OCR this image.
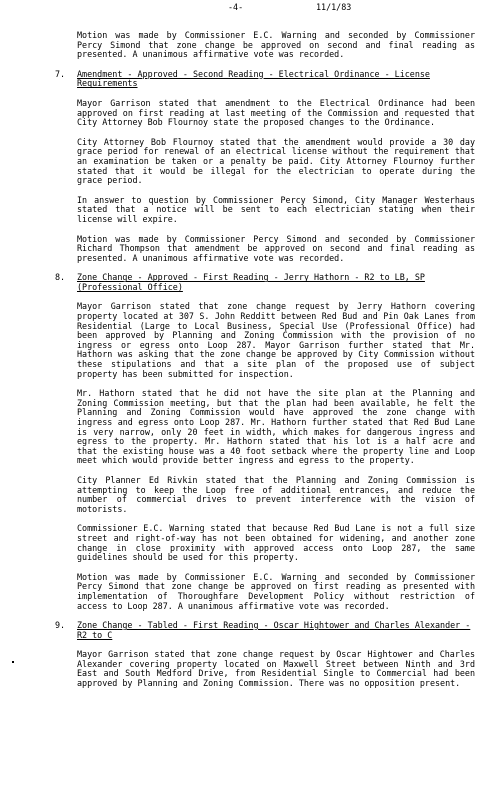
-4-	11/1/83

Motion was made by Commissioner E.C. Warning and seconded by Commissioner Percy Simond that zone change be approved on second and final reading as presented. A unanimous affirmative vote was recorded.

7. Amendment - Approved - Second Reading - Electrical Ordinance - License Requirements

Mayor Garrison stated that amendment to the Electrical Ordinance had been approved on first reading at last meeting of the Commission and requested that City Attorney Bob Flournoy state the proposed changes to the Ordinance.

City Attorney Bob Flournoy stated that the amendment would provide a 30 day grace period for renewal of an electrical license without the requirement that an examination be taken or a penalty be paid. City Attorney Flournoy further stated that it would be illegal for the electrician to operate during the grace period.

In answer to question by Commissioner Percy Simond, City Manager Westerhaus stated that a notice will be sent to each electrician stating when their license will expire.

Motion was made by Commissioner Percy Simond and seconded by Commissioner Richard Thompson that amendment be approved on second and final reading as presented. A unanimous affirmative vote was recorded.

8. Zone Change - Approved - First Reading - Jerry Hathorn - R2 to LB, SP (Professional Office)

Mayor Garrison stated that zone change request by Jerry Hathorn covering property located at 307 S. John Redditt between Red Bud and Pin Oak Lanes from Residential (Large to Local Business, Special Use (Professional Office) had been approved by Planning and Zoning Commission with the provision of no ingress or egress onto Loop 287. Mayor Garrison further stated that Mr. Hathorn was asking that the zone change be approved by City Commission without these stipulations and that a site plan of the proposed use of subject property has been submitted for inspection.

Mr. Hathorn stated that he did not have the site plan at the Planning and Zoning Commission meeting, but that the plan had been available, he felt the Planning and Zoning Commission would have approved the zone change with ingress and egress onto Loop 287. Mr. Hathorn further stated that Red Bud Lane is very narrow, only 20 feet in width, which makes for dangerous ingress and egress to the property. Mr. Hathorn stated that his lot is a half acre and that the existing house was a 40 foot setback where the property line and Loop meet which would provide better ingress and egress to the property.

City Planner Ed Rivkin stated that the Planning and Zoning Commission is attempting to keep the Loop free of additional entrances, and reduce the number of commercial drives to prevent interference with the vision of motorists.

Commissioner E.C. Warning stated that because Red Bud Lane is not a full size street and right-of-way has not been obtained for widening, and another zone change in close proximity with approved access onto Loop 287, the same guidelines should be used for this property.

Motion was made by Commissioner E.C. Warning and seconded by Commissioner Percy Simond that zone change be approved on first reading as presented with implementation of Thoroughfare Development Policy without restriction of access to Loop 287. A unanimous affirmative vote was recorded.

9. Zone Change - Tabled - First Reading - Oscar Hightower and Charles Alexander - R2 to C

Mayor Garrison stated that zone change request by Oscar Hightower and Charles Alexander covering property located on Maxwell Street between Ninth and 3rd East and South Medford Drive, from Residential Single to Commercial had been approved by Planning and Zoning Commission. There was no opposition present.
